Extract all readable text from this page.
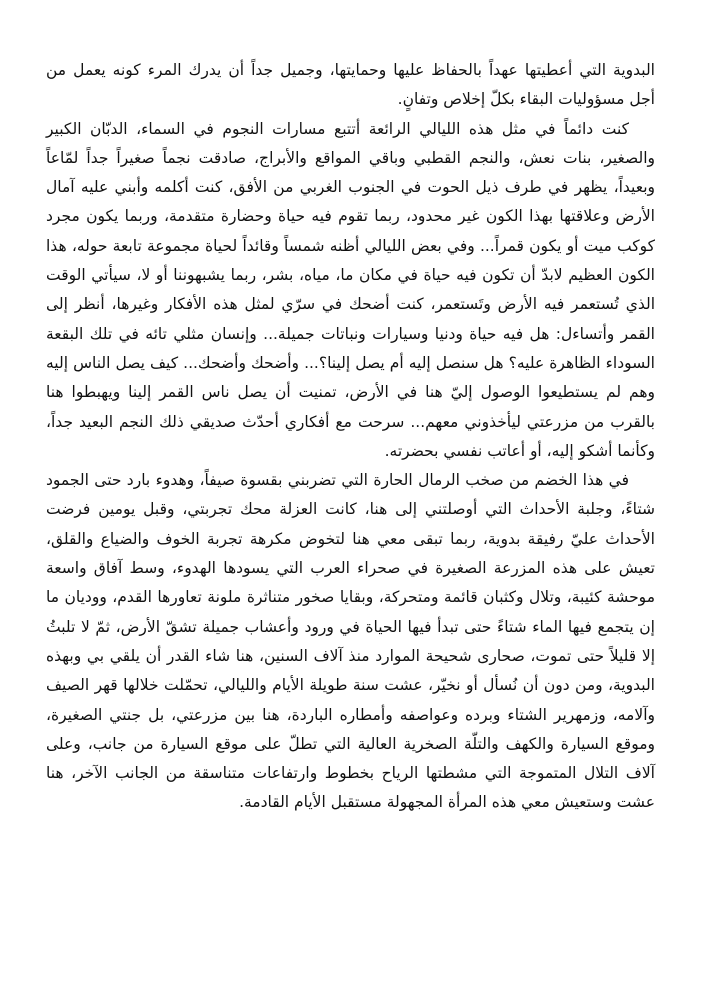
البدوية التي أعطيتها عهداً بالحفاظ عليها وحمايتها، وجميل جداً أن يدرك المرء كونه يعمل من أجل مسؤوليات البقاء بكلّ إخلاص وتفانٍ.

كنت دائماً في مثل هذه الليالي الرائعة أتتبع مسارات النجوم في السماء، الدبّان الكبير والصغير، بنات نعش، والنجم القطبي وباقي المواقع والأبراج، صادقت نجماً صغيراً جداً لمّاعاً وبعيداً، يظهر في طرف ذيل الحوت في الجنوب الغربي من الأفق، كنت أكلمه وأبني عليه آمال الأرض وعلاقتها بهذا الكون غير محدود، ربما تقوم فيه حياة وحضارة متقدمة، وربما يكون مجرد كوكب ميت أو يكون قمراً... وفي بعض الليالي أظنه شمساً وقائداً لحياة مجموعة تابعة حوله، هذا الكون العظيم لابدّ أن تكون فيه حياة في مكان ما، مياه، بشر، ربما يشبهوننا أو لا، سيأتي الوقت الذي تُستعمر فيه الأرض وتَستعمر، كنت أضحك في سرّي لمثل هذه الأفكار وغيرها، أنظر إلى القمر وأتساءل: هل فيه حياة ودنيا وسيارات ونباتات جميلة... وإنسان مثلي تائه في تلك البقعة السوداء الظاهرة عليه؟ هل سنصل إليه أم يصل إلينا؟... وأضحك وأضحك... كيف يصل الناس إليه وهم لم يستطيعوا الوصول إليّ هنا في الأرض، تمنيت أن يصل ناس القمر إلينا ويهبطوا هنا بالقرب من مزرعتي ليأخذوني معهم... سرحت مع أفكاري أحدّث صديقي ذلك النجم البعيد جداً، وكأنما أشكو إليه، أو أعاتب نفسي بحضرته.

في هذا الخضم من صخب الرمال الحارة التي تضربني بقسوة صيفاً، وهدوء بارد حتى الجمود شتاءً، وجلبة الأحداث التي أوصلتني إلى هنا، كانت العزلة محك تجربتي، وقبل يومين فرضت الأحداث عليّ رفيقة بدوية، ربما تبقى معي هنا لتخوض مكرهة تجربة الخوف والضياع والقلق، تعيش على هذه المزرعة الصغيرة في صحراء العرب التي يسودها الهدوء، وسط آفاق واسعة موحشة كئيبة، وتلال وكثبان قائمة ومتحركة، وبقايا صخور متناثرة ملونة تعاورها القدم، ووديان ما إن يتجمع فيها الماء شتاءً حتى تبدأ فيها الحياة في ورود وأعشاب جميلة تشقّ الأرض، ثمّ لا تلبثُ إلا قليلاً حتى تموت، صحارى شحيحة الموارد منذ آلاف السنين، هنا شاء القدر أن يلقي بي وبهذه البدوية، ومن دون أن نُسأل أو نخيّر، عشت سنة طويلة الأيام والليالي، تحمّلت خلالها قهر الصيف وآلامه، وزمهرير الشتاء وبرده وعواصفه وأمطاره الباردة، هنا بين مزرعتي، بل جنتي الصغيرة، وموقع السيارة والكهف والتلّة الصخرية العالية التي تطلّ على موقع السيارة من جانب، وعلى آلاف التلال المتموجة التي مشطتها الرياح بخطوط وارتفاعات متناسقة من الجانب الآخر، هنا عشت وستعيش معي هذه المرأة المجهولة مستقبل الأيام القادمة.
